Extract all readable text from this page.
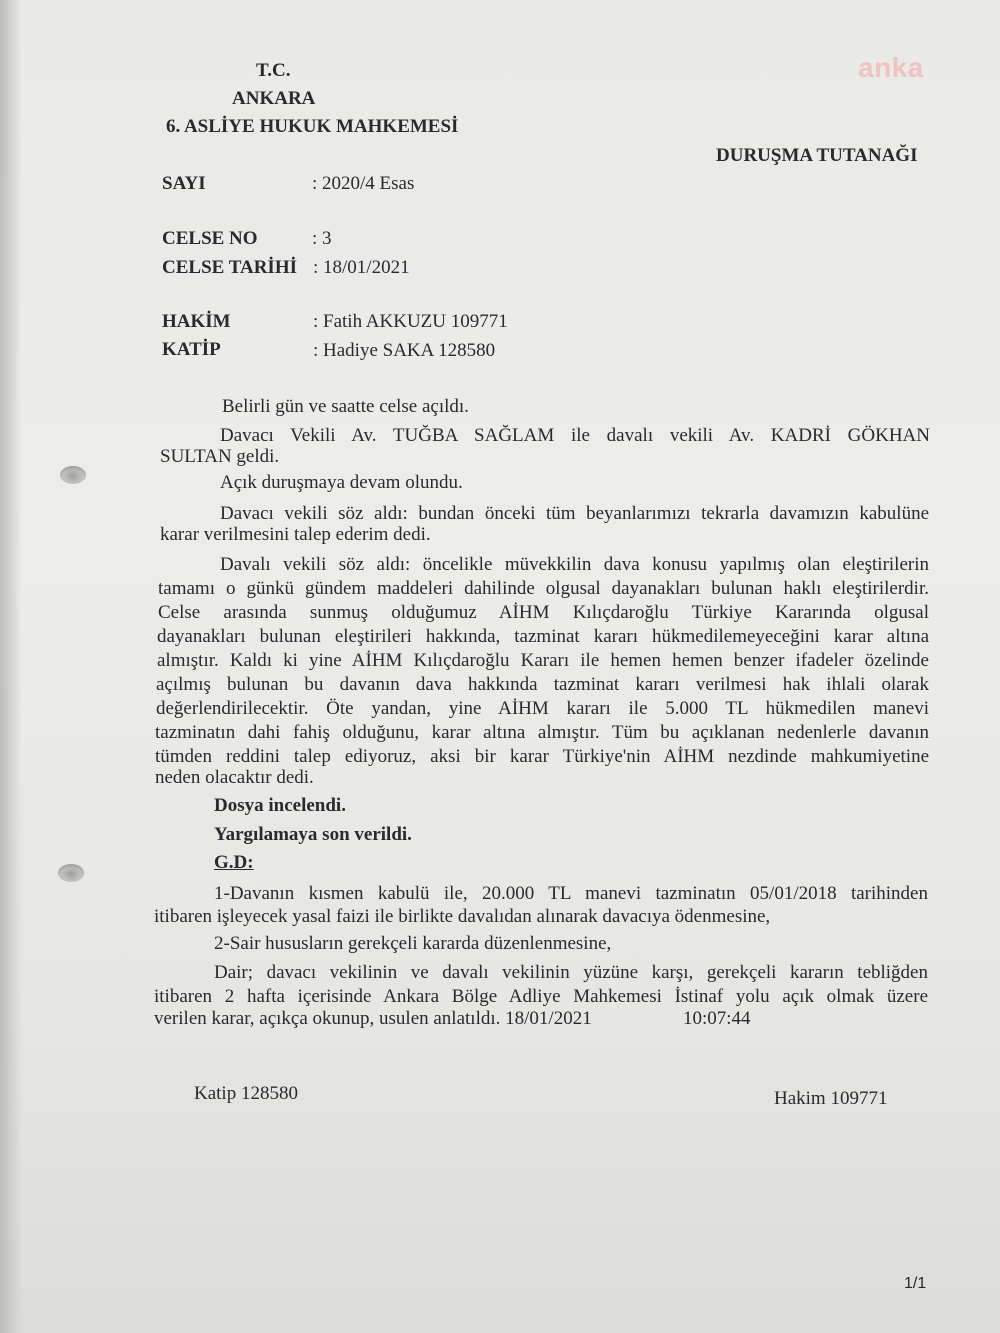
anka
T.C.
ANKARA
6. ASLİYE HUKUK MAHKEMESİ
DURUŞMA TUTANAĞI
SAYI	: 2020/4 Esas
CELSE NO	: 3
CELSE TARİHİ : 18/01/2021
HAKİM	: Fatih AKKUZU 109771
KATİP	: Hadiye SAKA 128580
Belirli gün ve saatte celse açıldı.
Davacı Vekili Av. TUĞBA SAĞLAM ile davalı vekili Av. KADRİ GÖKHAN
SULTAN geldi.
Açık duruşmaya devam olundu.
Davacı vekili söz aldı: bundan önceki tüm beyanlarımızı tekrarla davamızın kabulüne
karar verilmesini talep ederim dedi.
Davalı vekili söz aldı: öncelikle müvekkilin dava konusu yapılmış olan eleştirilerin
tamamı o günkü gündem maddeleri dahilinde olgusal dayanakları bulunan haklı eleştirilerdir.
Celse arasında sunmuş olduğumuz AİHM Kılıçdaroğlu Türkiye Kararında olgusal
dayanakları bulunan eleştirileri hakkında, tazminat kararı hükmedilemeyeceğini karar altına
almıştır. Kaldı ki yine AİHM Kılıçdaroğlu Kararı ile hemen hemen benzer ifadeler özelinde
açılmış bulunan bu davanın dava hakkında tazminat kararı verilmesi hak ihlali olarak
değerlendirilecektir. Öte yandan, yine AİHM kararı ile 5.000 TL hükmedilen manevi
tazminatın dahi fahiş olduğunu, karar altına almıştır. Tüm bu açıklanan nedenlerle davanın
tümden reddini talep ediyoruz, aksi bir karar Türkiye'nin AİHM nezdinde mahkumiyetine
neden olacaktır dedi.
Dosya incelendi.
Yargılamaya son verildi.
G.D:
1-Davanın kısmen kabulü ile, 20.000 TL manevi tazminatın 05/01/2018 tarihinden
itibaren işleyecek yasal faizi ile birlikte davalıdan alınarak davacıya ödenmesine,
2-Sair hususların gerekçeli kararda düzenlenmesine,
Dair; davacı vekilinin ve davalı vekilinin yüzüne karşı, gerekçeli kararın tebliğden
itibaren 2 hafta içerisinde Ankara Bölge Adliye Mahkemesi İstinaf yolu açık olmak üzere
verilen karar, açıkça okunup, usulen anlatıldı. 18/01/2021	10:07:44
Katip 128580	Hakim 109771
1/1
